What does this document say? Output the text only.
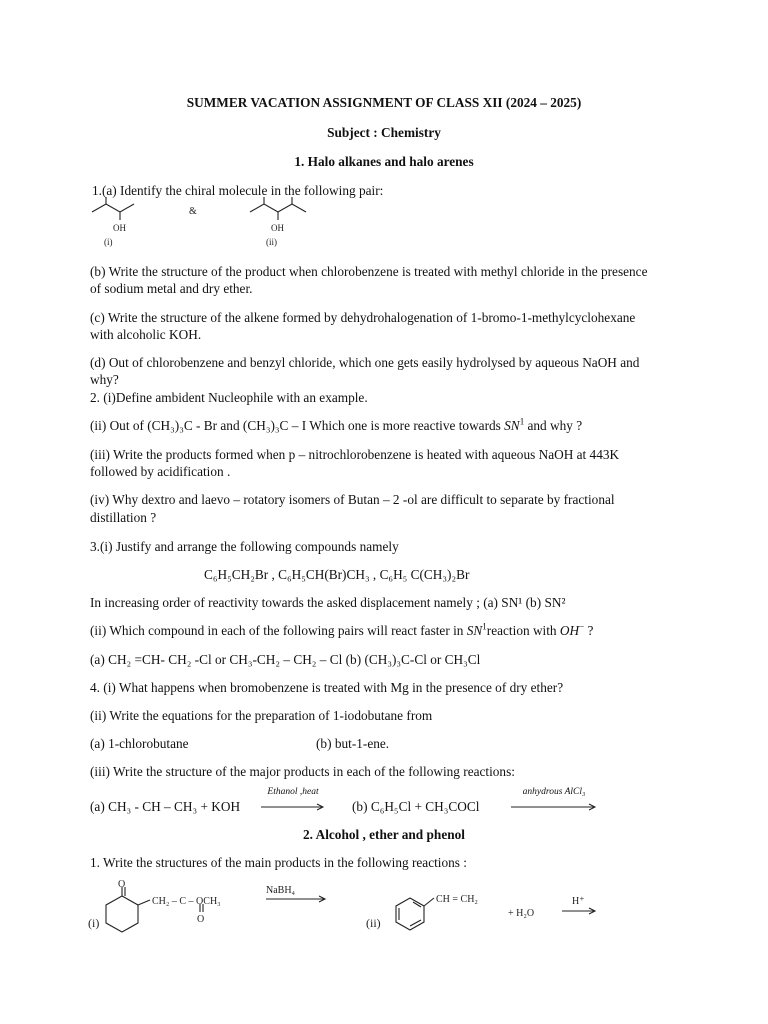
SUMMER VACATION ASSIGNMENT OF CLASS XII (2024 – 2025)
Subject : Chemistry
1. Halo alkanes and halo arenes
1.(a) Identify the chiral molecule in the following pair:
OH
&
OH
(i)	(ii)
(b) Write the structure of the product when chlorobenzene is treated with methyl chloride in the presence
of sodium metal and dry ether.
(c) Write the structure of the alkene formed by dehydrohalogenation of 1-bromo-1-methylcyclohexane
with alcoholic KOH.
(d) Out of chlorobenzene and benzyl chloride, which one gets easily hydrolysed by aqueous NaOH and
why?
2. (i)Define ambident Nucleophile with an example.
(ii) Out of (CH₃)₃C - Br and (CH₃)₃C – I Which one is more reactive towards $SN^1$ and why ?
(iii) Write the products formed when p – nitrochlorobenzene is heated with aqueous NaOH at 443K
followed by acidification .
(iv) Why dextro and laevo – rotatory isomers of Butan – 2 -ol are difficult to separate by fractional
distillation ?
3.(i) Justify and arrange the following compounds namely
C₆H₅CH₂Br , C₆H₅CH(Br)CH₃ , C₆H₅ C(CH₃)₂Br
In increasing order of reactivity towards the asked displacement namely ; (a) SN¹ (b) SN²
(ii) Which compound in each of the following pairs will react faster in $SN^1reaction$ with OH− ?
(a) CH₂ =CH- CH₂ -Cl or CH₃-CH₂ – CH₂ – Cl (b) (CH₃)₃C-Cl or CH₃Cl
4. (i) What happens when bromobenzene is treated with Mg in the presence of dry ether?
(ii) Write the equations for the preparation of 1-iodobutane from
(a) 1-chlorobutane	(b) but-1-ene.
(iii) Write the structure of the major products in each of the following reactions:
(a) CH₃ - CH – CH₃ + KOH
Ethanol ,heat
(b) C₆H₅Cl + CH₃COCl
anhydrous AlCl₃
2. Alcohol , ether and phenol
1. Write the structures of the main products in the following reactions :
O
CH₂ – C – OCH₃
O
NaBH₄
(i)	(ii)
CH = CH₂
+ H₂O
H⁺
